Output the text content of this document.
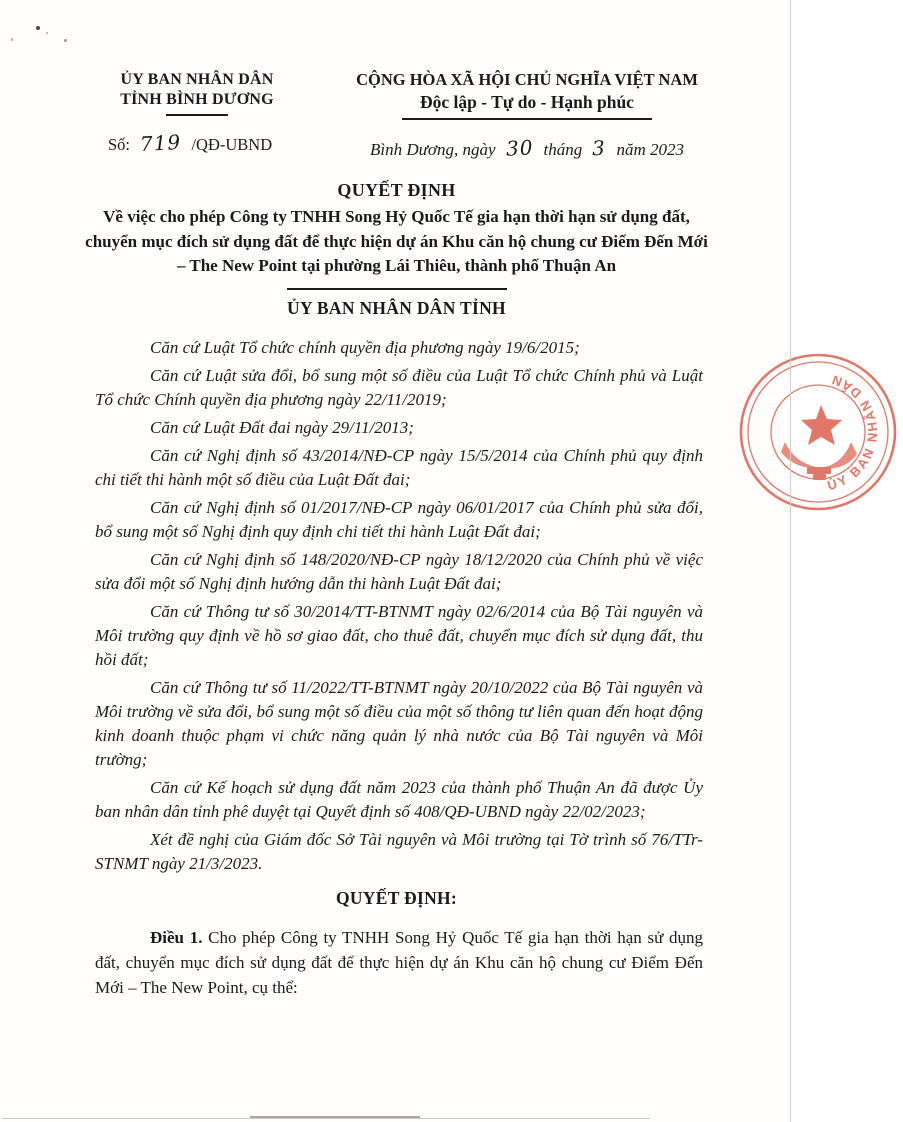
ỦY BAN NHÂN DÂN
TỈNH BÌNH DƯƠNG
Số: 719 /QĐ-UBND
CỘNG HÒA XÃ HỘI CHỦ NGHĨA VIỆT NAM
Độc lập - Tự do - Hạnh phúc
Bình Dương, ngày 30 tháng 3 năm 2023
QUYẾT ĐỊNH
Về việc cho phép Công ty TNHH Song Hỷ Quốc Tế gia hạn thời hạn sử dụng đất, chuyển mục đích sử dụng đất để thực hiện dự án Khu căn hộ chung cư Điểm Đến Mới – The New Point tại phường Lái Thiêu, thành phố Thuận An
ỦY BAN NHÂN DÂN TỈNH

Căn cứ Luật Tổ chức chính quyền địa phương ngày 19/6/2015;

Căn cứ Luật sửa đổi, bổ sung một số điều của Luật Tổ chức Chính phủ và Luật Tổ chức Chính quyền địa phương ngày 22/11/2019;

Căn cứ Luật Đất đai ngày 29/11/2013;

Căn cứ Nghị định số 43/2014/NĐ-CP ngày 15/5/2014 của Chính phủ quy định chi tiết thi hành một số điều của Luật Đất đai;

Căn cứ Nghị định số 01/2017/NĐ-CP ngày 06/01/2017 của Chính phủ sửa đổi, bổ sung một số Nghị định quy định chi tiết thi hành Luật Đất đai;

Căn cứ Nghị định số 148/2020/NĐ-CP ngày 18/12/2020 của Chính phủ về việc sửa đổi một số Nghị định hướng dẫn thi hành Luật Đất đai;

Căn cứ Thông tư số 30/2014/TT-BTNMT ngày 02/6/2014 của Bộ Tài nguyên và Môi trường quy định về hồ sơ giao đất, cho thuê đất, chuyển mục đích sử dụng đất, thu hồi đất;

Căn cứ Thông tư số 11/2022/TT-BTNMT ngày 20/10/2022 của Bộ Tài nguyên và Môi trường về sửa đổi, bổ sung một số điều của một số thông tư liên quan đến hoạt động kinh doanh thuộc phạm vi chức năng quản lý nhà nước của Bộ Tài nguyên và Môi trường;

Căn cứ Kế hoạch sử dụng đất năm 2023 của thành phố Thuận An đã được Ủy ban nhân dân tỉnh phê duyệt tại Quyết định số 408/QĐ-UBND ngày 22/02/2023;

Xét đề nghị của Giám đốc Sở Tài nguyên và Môi trường tại Tờ trình số 76/TTr-STNMT ngày 21/3/2023.

QUYẾT ĐỊNH:

Điều 1. Cho phép Công ty TNHH Song Hỷ Quốc Tế gia hạn thời hạn sử dụng đất, chuyển mục đích sử dụng đất để thực hiện dự án Khu căn hộ chung cư Điểm Đến Mới – The New Point, cụ thể:

ỦY BAN NHÂN DÂN
